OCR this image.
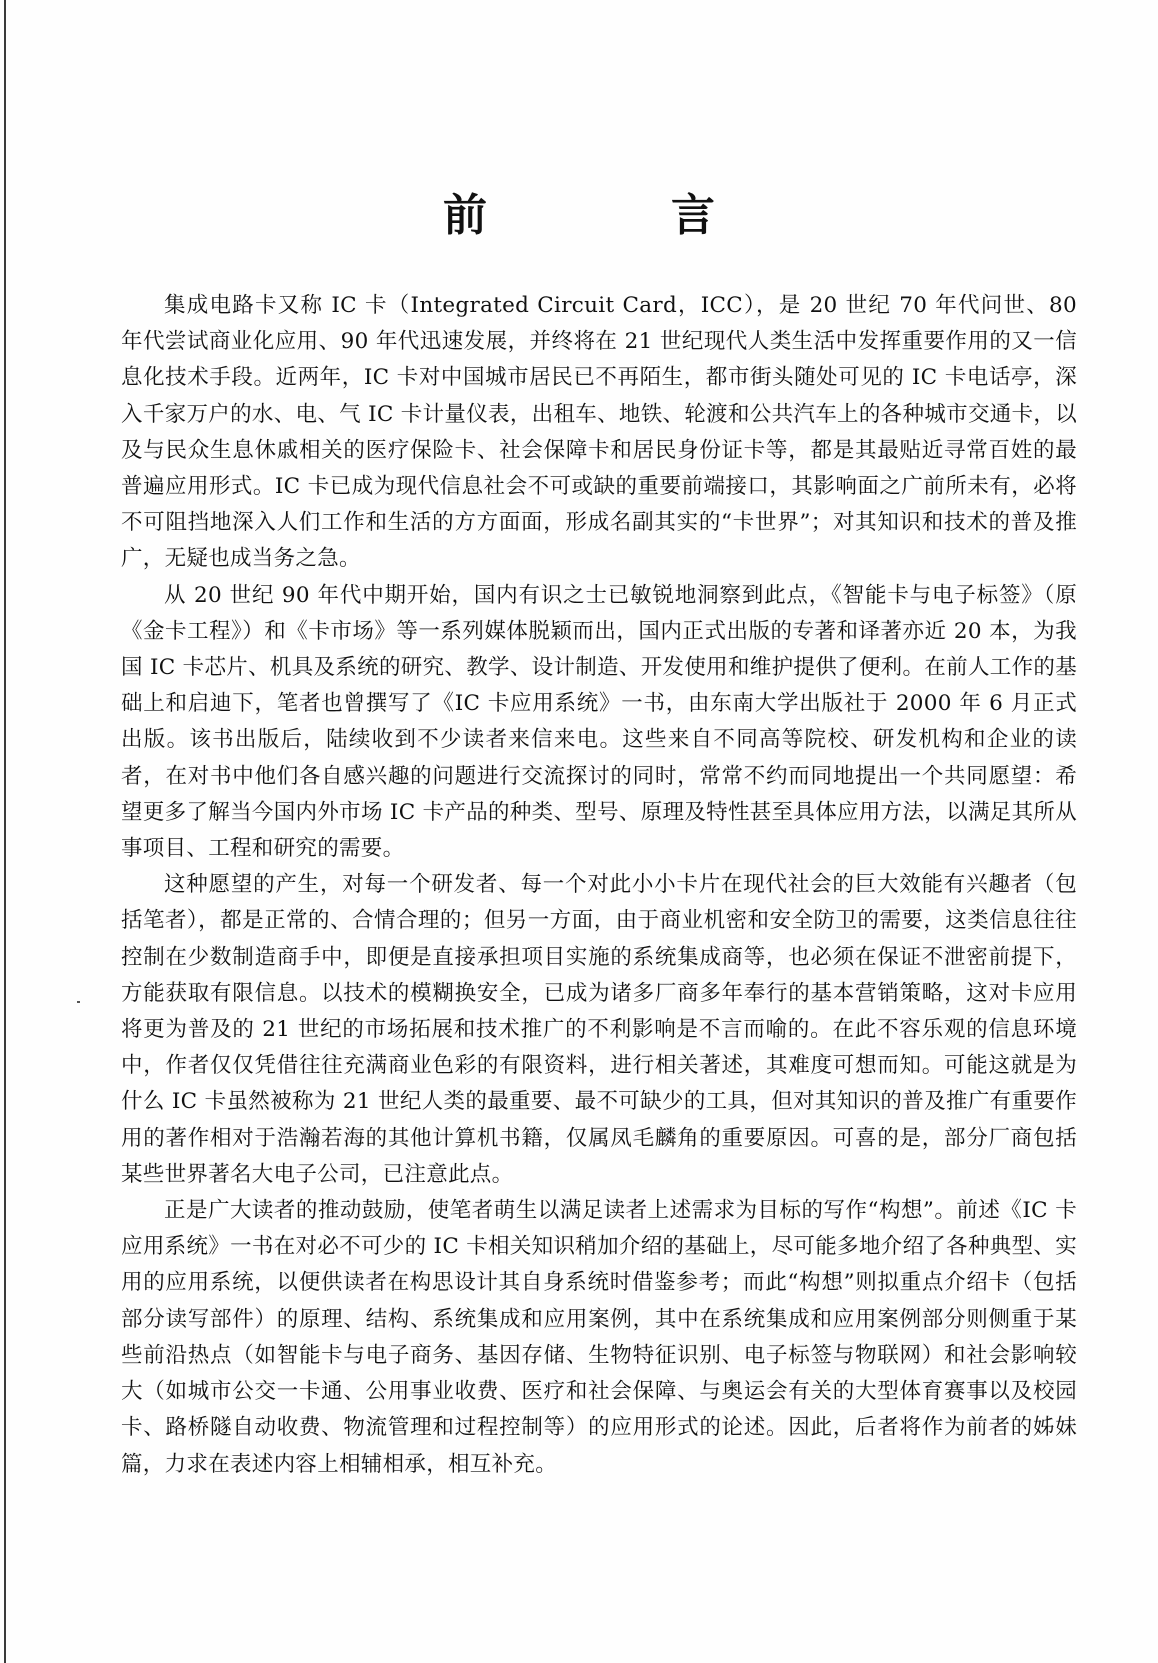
前　言

集成电路卡又称 IC 卡（Integrated Circuit Card，ICC），是 20 世纪 70 年代问世、80 年代尝试商业化应用、90 年代迅速发展，并终将在 21 世纪现代人类生活中发挥重要作用的又一信息化技术手段。近两年，IC 卡对中国城市居民已不再陌生，都市街头随处可见的 IC 卡电话亭，深入千家万户的水、电、气 IC 卡计量仪表，出租车、地铁、轮渡和公共汽车上的各种城市交通卡，以及与民众生息休戚相关的医疗保险卡、社会保障卡和居民身份证卡等，都是其最贴近寻常百姓的最普遍应用形式。IC 卡已成为现代信息社会不可或缺的重要前端接口，其影响面之广前所未有，必将不可阻挡地深入人们工作和生活的方方面面，形成名副其实的“卡世界”；对其知识和技术的普及推广，无疑也成当务之急。

从 20 世纪 90 年代中期开始，国内有识之士已敏锐地洞察到此点，《智能卡与电子标签》（原《金卡工程》）和《卡市场》等一系列媒体脱颖而出，国内正式出版的专著和译著亦近 20 本，为我国 IC 卡芯片、机具及系统的研究、教学、设计制造、开发使用和维护提供了便利。在前人工作的基础上和启迪下，笔者也曾撰写了《IC 卡应用系统》一书，由东南大学出版社于 2000 年 6 月正式出版。该书出版后，陆续收到不少读者来信来电。这些来自不同高等院校、研发机构和企业的读者，在对书中他们各自感兴趣的问题进行交流探讨的同时，常常不约而同地提出一个共同愿望：希望更多了解当今国内外市场 IC 卡产品的种类、型号、原理及特性甚至具体应用方法，以满足其所从事项目、工程和研究的需要。

这种愿望的产生，对每一个研发者、每一个对此小小卡片在现代社会的巨大效能有兴趣者（包括笔者），都是正常的、合情合理的；但另一方面，由于商业机密和安全防卫的需要，这类信息往往控制在少数制造商手中，即便是直接承担项目实施的系统集成商等，也必须在保证不泄密前提下，方能获取有限信息。以技术的模糊换安全，已成为诸多厂商多年奉行的基本营销策略，这对卡应用将更为普及的 21 世纪的市场拓展和技术推广的不利影响是不言而喻的。在此不容乐观的信息环境中，作者仅仅凭借往往充满商业色彩的有限资料，进行相关著述，其难度可想而知。可能这就是为什么 IC 卡虽然被称为 21 世纪人类的最重要、最不可缺少的工具，但对其知识的普及推广有重要作用的著作相对于浩瀚若海的其他计算机书籍，仅属凤毛麟角的重要原因。可喜的是，部分厂商包括某些世界著名大电子公司，已注意此点。

正是广大读者的推动鼓励，使笔者萌生以满足读者上述需求为目标的写作“构想”。前述《IC 卡应用系统》一书在对必不可少的 IC 卡相关知识稍加介绍的基础上，尽可能多地介绍了各种典型、实用的应用系统，以便供读者在构思设计其自身系统时借鉴参考；而此“构想”则拟重点介绍卡（包括部分读写部件）的原理、结构、系统集成和应用案例，其中在系统集成和应用案例部分则侧重于某些前沿热点（如智能卡与电子商务、基因存储、生物特征识别、电子标签与物联网）和社会影响较大（如城市公交一卡通、公用事业收费、医疗和社会保障、与奥运会有关的大型体育赛事以及校园卡、路桥隧自动收费、物流管理和过程控制等）的应用形式的论述。因此，后者将作为前者的姊妹篇，力求在表述内容上相辅相承，相互补充。
